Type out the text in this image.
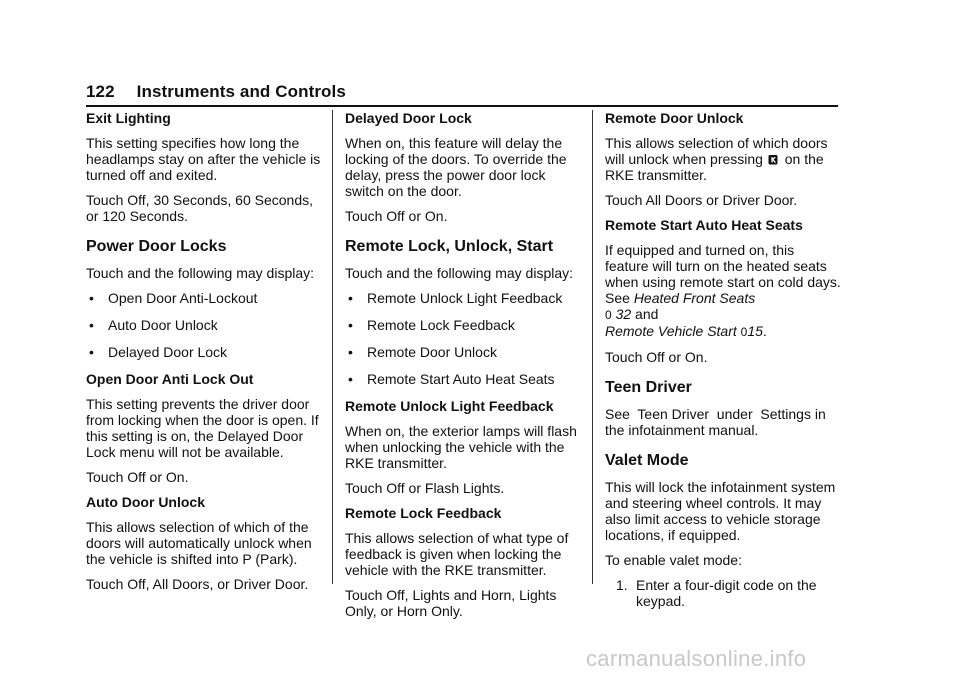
122 Instruments and Controls
Exit Lighting
This setting specifies how long the headlamps stay on after the vehicle is turned off and exited.
Touch Off, 30 Seconds, 60 Seconds, or 120 Seconds.
Power Door Locks
Touch and the following may display:
• Open Door Anti-Lockout
• Auto Door Unlock
• Delayed Door Lock
Open Door Anti Lock Out
This setting prevents the driver door from locking when the door is open. If this setting is on, the Delayed Door Lock menu will not be available.
Touch Off or On.
Auto Door Unlock
This allows selection of which of the doors will automatically unlock when the vehicle is shifted into P (Park).
Touch Off, All Doors, or Driver Door.
Delayed Door Lock
When on, this feature will delay the locking of the doors. To override the delay, press the power door lock switch on the door.
Touch Off or On.
Remote Lock, Unlock, Start
Touch and the following may display:
• Remote Unlock Light Feedback
• Remote Lock Feedback
• Remote Door Unlock
• Remote Start Auto Heat Seats
Remote Unlock Light Feedback
When on, the exterior lamps will flash when unlocking the vehicle with the RKE transmitter.
Touch Off or Flash Lights.
Remote Lock Feedback
This allows selection of what type of feedback is given when locking the vehicle with the RKE transmitter.
Touch Off, Lights and Horn, Lights Only, or Horn Only.
Remote Door Unlock
This allows selection of which doors will unlock when pressing on the RKE transmitter.
Touch All Doors or Driver Door.
Remote Start Auto Heat Seats
If equipped and turned on, this feature will turn on the heated seats when using remote start on cold days. See Heated Front Seats
0 32 and
Remote Vehicle Start 015.
Touch Off or On.
Teen Driver
See  Teen Driver  under  Settings in the infotainment manual.
Valet Mode
This will lock the infotainment system and steering wheel controls. It may also limit access to vehicle storage locations, if equipped.
To enable valet mode:
1. Enter a four-digit code on the keypad.
carmanualsonline.info
